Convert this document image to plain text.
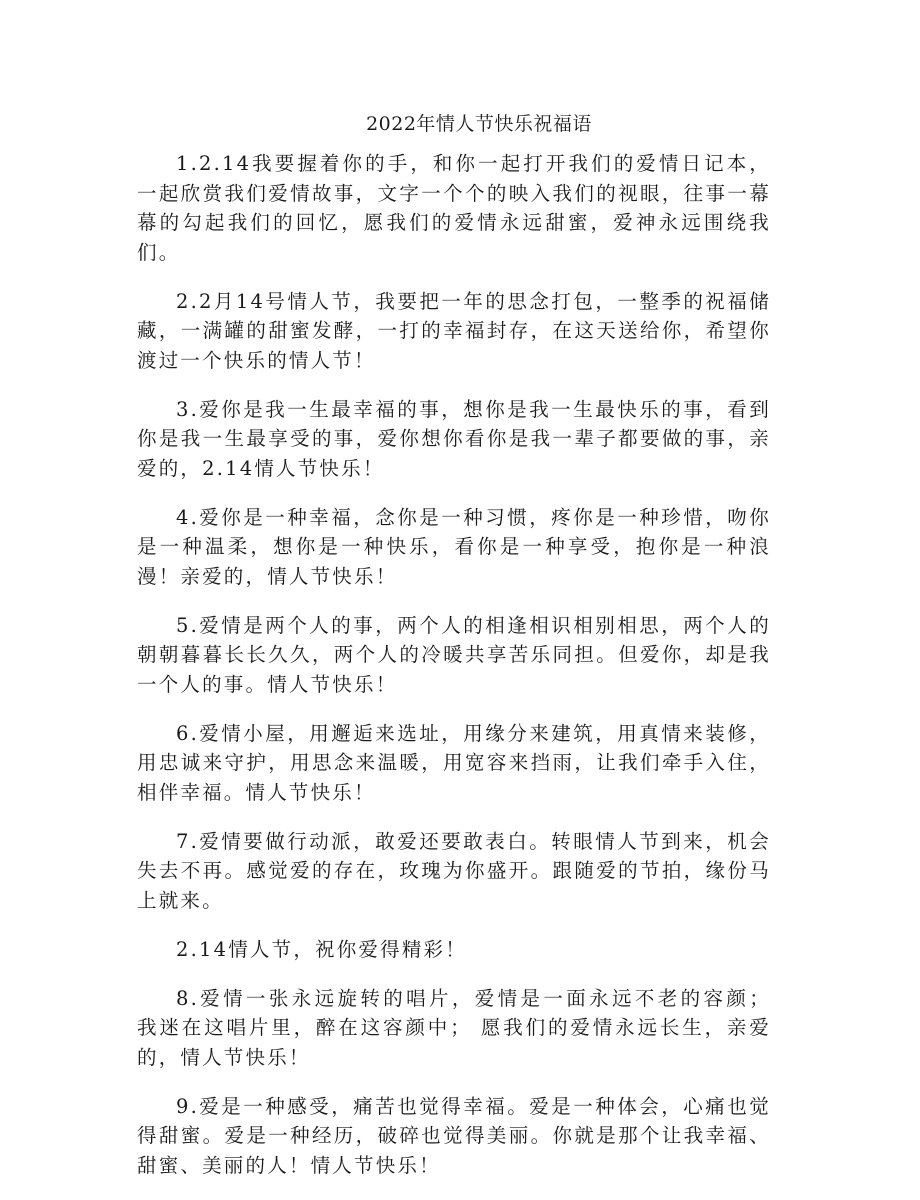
2022年情人节快乐祝福语

1.2.14我要握着你的手，和你一起打开我们的爱情日记本，一起欣赏我们爱情故事，文字一个个的映入我们的视眼，往事一幕幕的勾起我们的回忆，愿我们的爱情永远甜蜜，爱神永远围绕我们。

2.2月14号情人节，我要把一年的思念打包，一整季的祝福储藏，一满罐的甜蜜发酵，一打的幸福封存，在这天送给你，希望你渡过一个快乐的情人节！

3.爱你是我一生最幸福的事，想你是我一生最快乐的事，看到你是我一生最享受的事，爱你想你看你是我一辈子都要做的事，亲爱的，2.14情人节快乐！

4.爱你是一种幸福，念你是一种习惯，疼你是一种珍惜，吻你是一种温柔，想你是一种快乐，看你是一种享受，抱你是一种浪漫！亲爱的，情人节快乐！

5.爱情是两个人的事，两个人的相逢相识相别相思，两个人的朝朝暮暮长长久久，两个人的冷暖共享苦乐同担。但爱你，却是我一个人的事。情人节快乐！

6.爱情小屋，用邂逅来选址，用缘分来建筑，用真情来装修，用忠诚来守护，用思念来温暖，用宽容来挡雨，让我们牵手入住，相伴幸福。情人节快乐！

7.爱情要做行动派，敢爱还要敢表白。转眼情人节到来，机会失去不再。感觉爱的存在，玫瑰为你盛开。跟随爱的节拍，缘份马上就来。

2.14情人节，祝你爱得精彩！

8.爱情一张永远旋转的唱片，爱情是一面永远不老的容颜； 我迷在这唱片里，醉在这容颜中； 愿我们的爱情永远长生，亲爱的，情人节快乐！

9.爱是一种感受，痛苦也觉得幸福。爱是一种体会，心痛也觉得甜蜜。爱是一种经历，破碎也觉得美丽。你就是那个让我幸福、甜蜜、美丽的人！情人节快乐！
